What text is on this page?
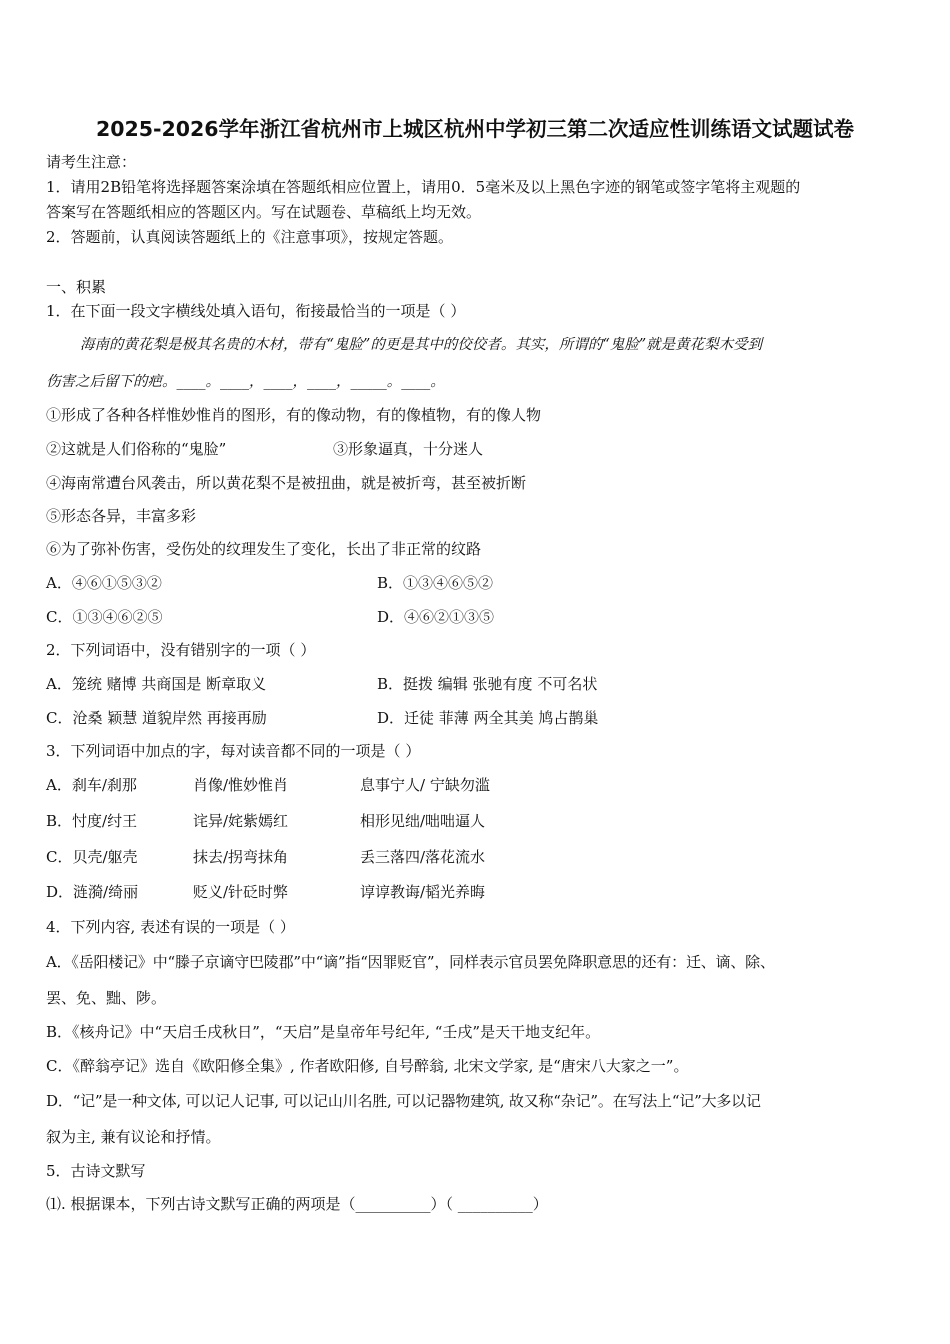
2025-2026学年浙江省杭州市上城区杭州中学初三第二次适应性训练语文试题试卷
请考生注意：
1．请用2B铅笔将选择题答案涂填在答题纸相应位置上，请用0．5毫米及以上黑色字迹的钢笔或签字笔将主观题的
答案写在答题纸相应的答题区内。写在试题卷、草稿纸上均无效。
2．答题前，认真阅读答题纸上的《注意事项》，按规定答题。
一、积累
1．在下面一段文字横线处填入语句，衔接最恰当的一项是（ ）
海南的黄花梨是极其名贵的木材，带有“鬼脸”的更是其中的佼佼者。其实，所谓的“鬼脸”就是黄花梨木受到
伤害之后留下的疤。____。____，____，____，_____。____。
①形成了各种各样惟妙惟肖的图形，有的像动物，有的像植物，有的像人物
②这就是人们俗称的“鬼脸”	③形象逼真，十分迷人
④海南常遭台风袭击，所以黄花梨不是被扭曲，就是被折弯，甚至被折断
⑤形态各异，丰富多彩
⑥为了弥补伤害，受伤处的纹理发生了变化，长出了非正常的纹路
A．④⑥①⑤③②	B．①③④⑥⑤②
C．①③④⑥②⑤	D．④⑥②①③⑤
2．下列词语中，没有错别字的一项（ ）
A．笼统 赌博 共商国是 断章取义	B．挺拨 编辑 张驰有度 不可名状
C．沧桑 颖慧 道貌岸然 再接再励	D．迁徒 菲薄 两全其美 鸠占鹊巢
3．下列词语中加点的字，每对读音都不同的一项是（ ）
A．刹车/刹那	肖像/惟妙惟肖	息事宁人/ 宁缺勿滥
B．忖度/纣王	诧异/姹紫嫣红	相形见绌/咄咄逼人
C．贝壳/躯壳	抹去/拐弯抹角	丢三落四/落花流水
D．涟漪/绮丽	贬义/针砭时弊	谆谆教诲/韬光养晦
4．下列内容, 表述有误的一项是（ ）
A．《岳阳楼记》中“滕子京谪守巴陵郡”中“谪”指“因罪贬官”，同样表示官员罢免降职意思的还有：迁、谪、除、
罢、免、黜、陟。
B．《核舟记》中“天启壬戌秋日”，“天启”是皇帝年号纪年, “壬戌”是天干地支纪年。
C．《醉翁亭记》选自《欧阳修全集》, 作者欧阳修, 自号醉翁, 北宋文学家, 是“唐宋八大家之一”。
D．“记”是一种文体, 可以记人记事, 可以记山川名胜, 可以记器物建筑, 故又称“杂记”。在写法上“记”大多以记
叙为主, 兼有议论和抒情。
5．古诗文默写
⑴. 根据课本，下列古诗文默写正确的两项是（__________）（ __________）
